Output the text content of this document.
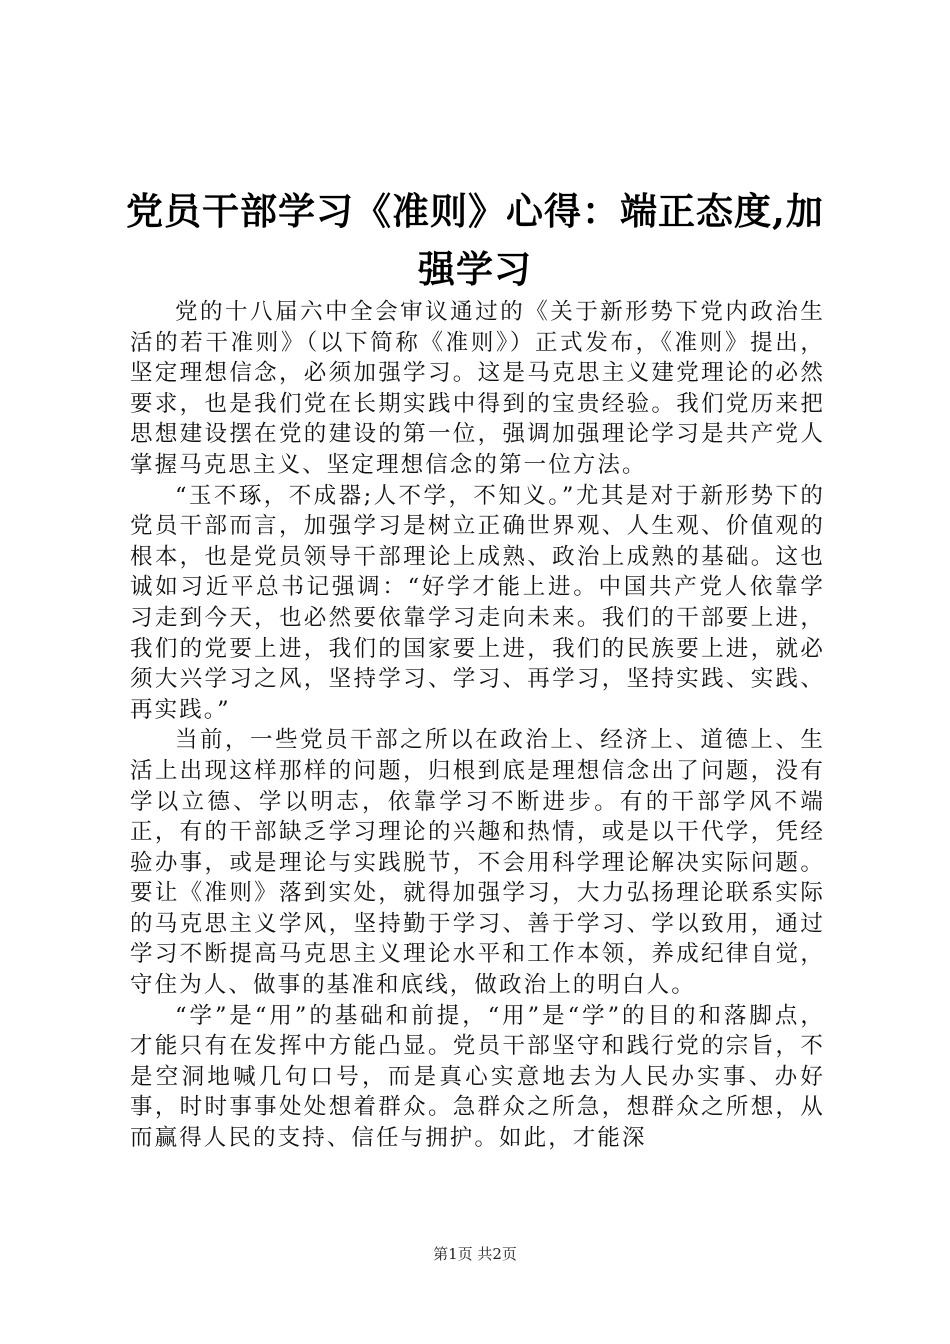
党员干部学习《准则》心得：端正态度,加强学习

党的十八届六中全会审议通过的《关于新形势下党内政治生活的若干准则》（以下简称《准则》）正式发布，《准则》提出，坚定理想信念，必须加强学习。这是马克思主义建党理论的必然要求，也是我们党在长期实践中得到的宝贵经验。我们党历来把思想建设摆在党的建设的第一位，强调加强理论学习是共产党人掌握马克思主义、坚定理想信念的第一位方法。

“玉不琢，不成器;人不学，不知义。”尤其是对于新形势下的党员干部而言，加强学习是树立正确世界观、人生观、价值观的根本，也是党员领导干部理论上成熟、政治上成熟的基础。这也诚如习近平总书记强调：“好学才能上进。中国共产党人依靠学习走到今天，也必然要依靠学习走向未来。我们的干部要上进，我们的党要上进，我们的国家要上进，我们的民族要上进，就必须大兴学习之风，坚持学习、学习、再学习，坚持实践、实践、再实践。”

当前，一些党员干部之所以在政治上、经济上、道德上、生活上出现这样那样的问题，归根到底是理想信念出了问题，没有学以立德、学以明志，依靠学习不断进步。有的干部学风不端正，有的干部缺乏学习理论的兴趣和热情，或是以干代学，凭经验办事，或是理论与实践脱节，不会用科学理论解决实际问题。要让《准则》落到实处，就得加强学习，大力弘扬理论联系实际的马克思主义学风，坚持勤于学习、善于学习、学以致用，通过学习不断提高马克思主义理论水平和工作本领，养成纪律自觉，守住为人、做事的基准和底线，做政治上的明白人。

“学”是“用”的基础和前提，“用”是“学”的目的和落脚点，才能只有在发挥中方能凸显。党员干部坚守和践行党的宗旨，不是空洞地喊几句口号，而是真心实意地去为人民办实事、办好事，时时事事处处想着群众。急群众之所急，想群众之所想，从而赢得人民的支持、信任与拥护。如此，才能深

第1页 共2页
